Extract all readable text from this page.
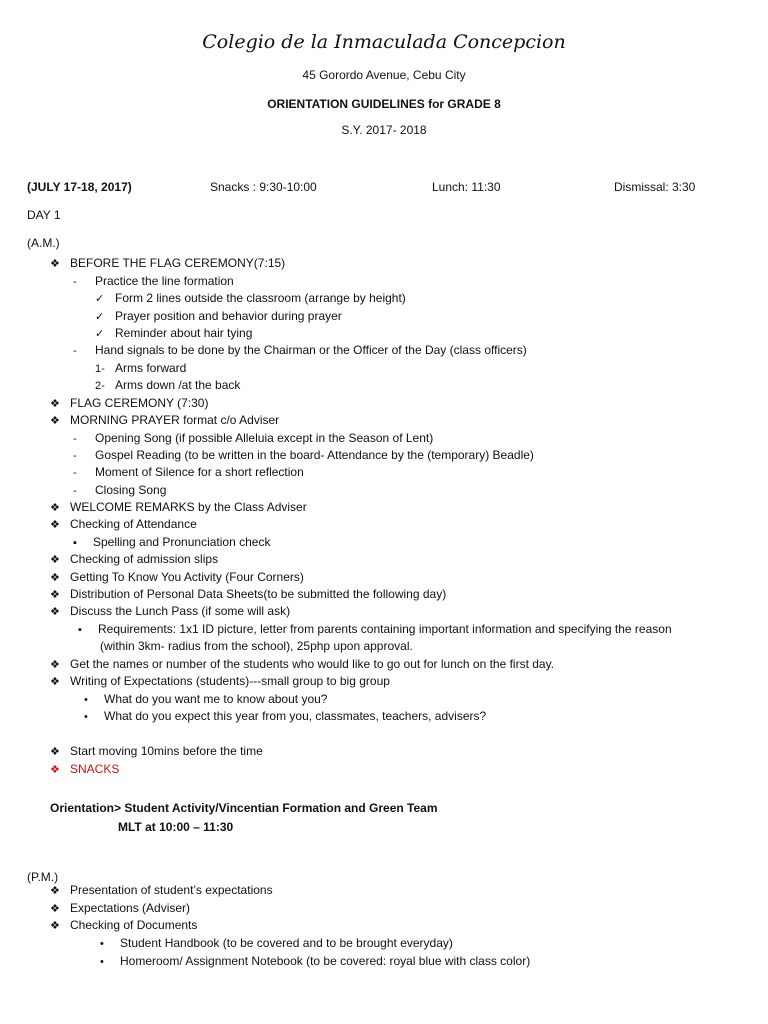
Colegio de la Inmaculada Concepcion
45 Gorordo Avenue, Cebu City
ORIENTATION GUIDELINES for GRADE 8
S.Y. 2017- 2018
(JULY 17-18, 2017)	Snacks : 9:30-10:00	Lunch: 11:30	Dismissal: 3:30
DAY 1
(A.M.)
❖ BEFORE THE FLAG CEREMONY(7:15)
- Practice the line formation
✓ Form 2 lines outside the classroom (arrange by height)
✓ Prayer position and behavior during prayer
✓ Reminder about hair tying
- Hand signals to be done by the Chairman or the Officer of the Day (class officers)
1- Arms forward
2- Arms down /at the back
❖ FLAG CEREMONY (7:30)
❖ MORNING PRAYER format c/o Adviser
- Opening Song (if possible Alleluia except in the Season of Lent)
- Gospel Reading (to be written in the board- Attendance by the (temporary) Beadle)
- Moment of Silence for a short reflection
- Closing Song
❖ WELCOME REMARKS by the Class Adviser
❖ Checking of Attendance
▪ Spelling and Pronunciation check
❖ Checking of admission slips
❖ Getting To Know You Activity (Four Corners)
❖ Distribution of Personal Data Sheets(to be submitted the following day)
❖ Discuss the Lunch Pass (if some will ask)
▪ Requirements: 1x1 ID picture, letter from parents containing important information and specifying the reason
(within 3km- radius from the school), 25php upon approval.
❖ Get the names or number of the students who would like to go out for lunch on the first day.
❖ Writing of Expectations (students)---small group to big group
• What do you want me to know about you?
• What do you expect this year from you, classmates, teachers, advisers?
❖ Start moving 10mins before the time
❖ SNACKS
Orientation> Student Activity/Vincentian Formation and Green Team
MLT at 10:00 – 11:30
(P.M.)
❖ Presentation of student’s expectations
❖ Expectations (Adviser)
❖ Checking of Documents
• Student Handbook (to be covered and to be brought everyday)
• Homeroom/ Assignment Notebook (to be covered: royal blue with class color)
